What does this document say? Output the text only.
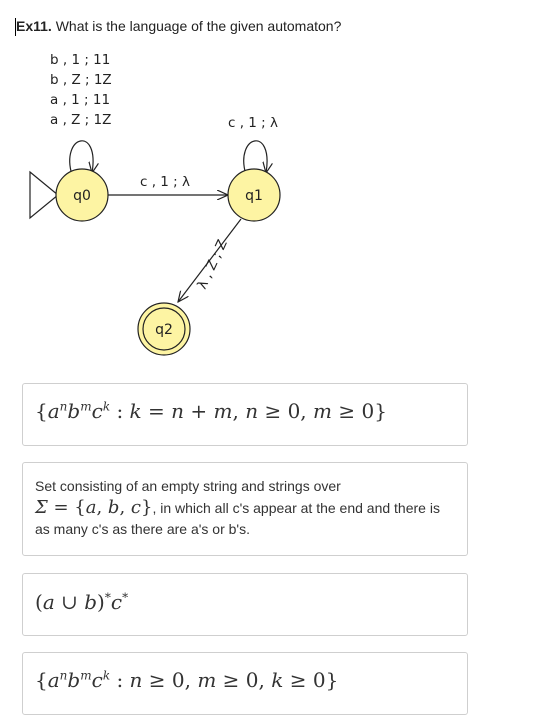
Ex11. What is the language of the given automaton?
b , 1 ; 11
b , Z ; 1Z
a , 1 ; 11
a , Z ; 1Z
q0
c , 1 ; λ
c , 1 ; λ
q1
λ , Z ; Z
q2
{$a^nb^mc^k$ : k = n + m, n ≥ 0, m ≥ 0}
Set consisting of an empty string and strings over
Σ = {a, b, c}, in which all c's appear at the end and there is as many c's as there are a's or b's.
(a ∪ b)*c*
{$a^nb^mc^k$ : n ≥ 0, m ≥ 0, k ≥ 0}
